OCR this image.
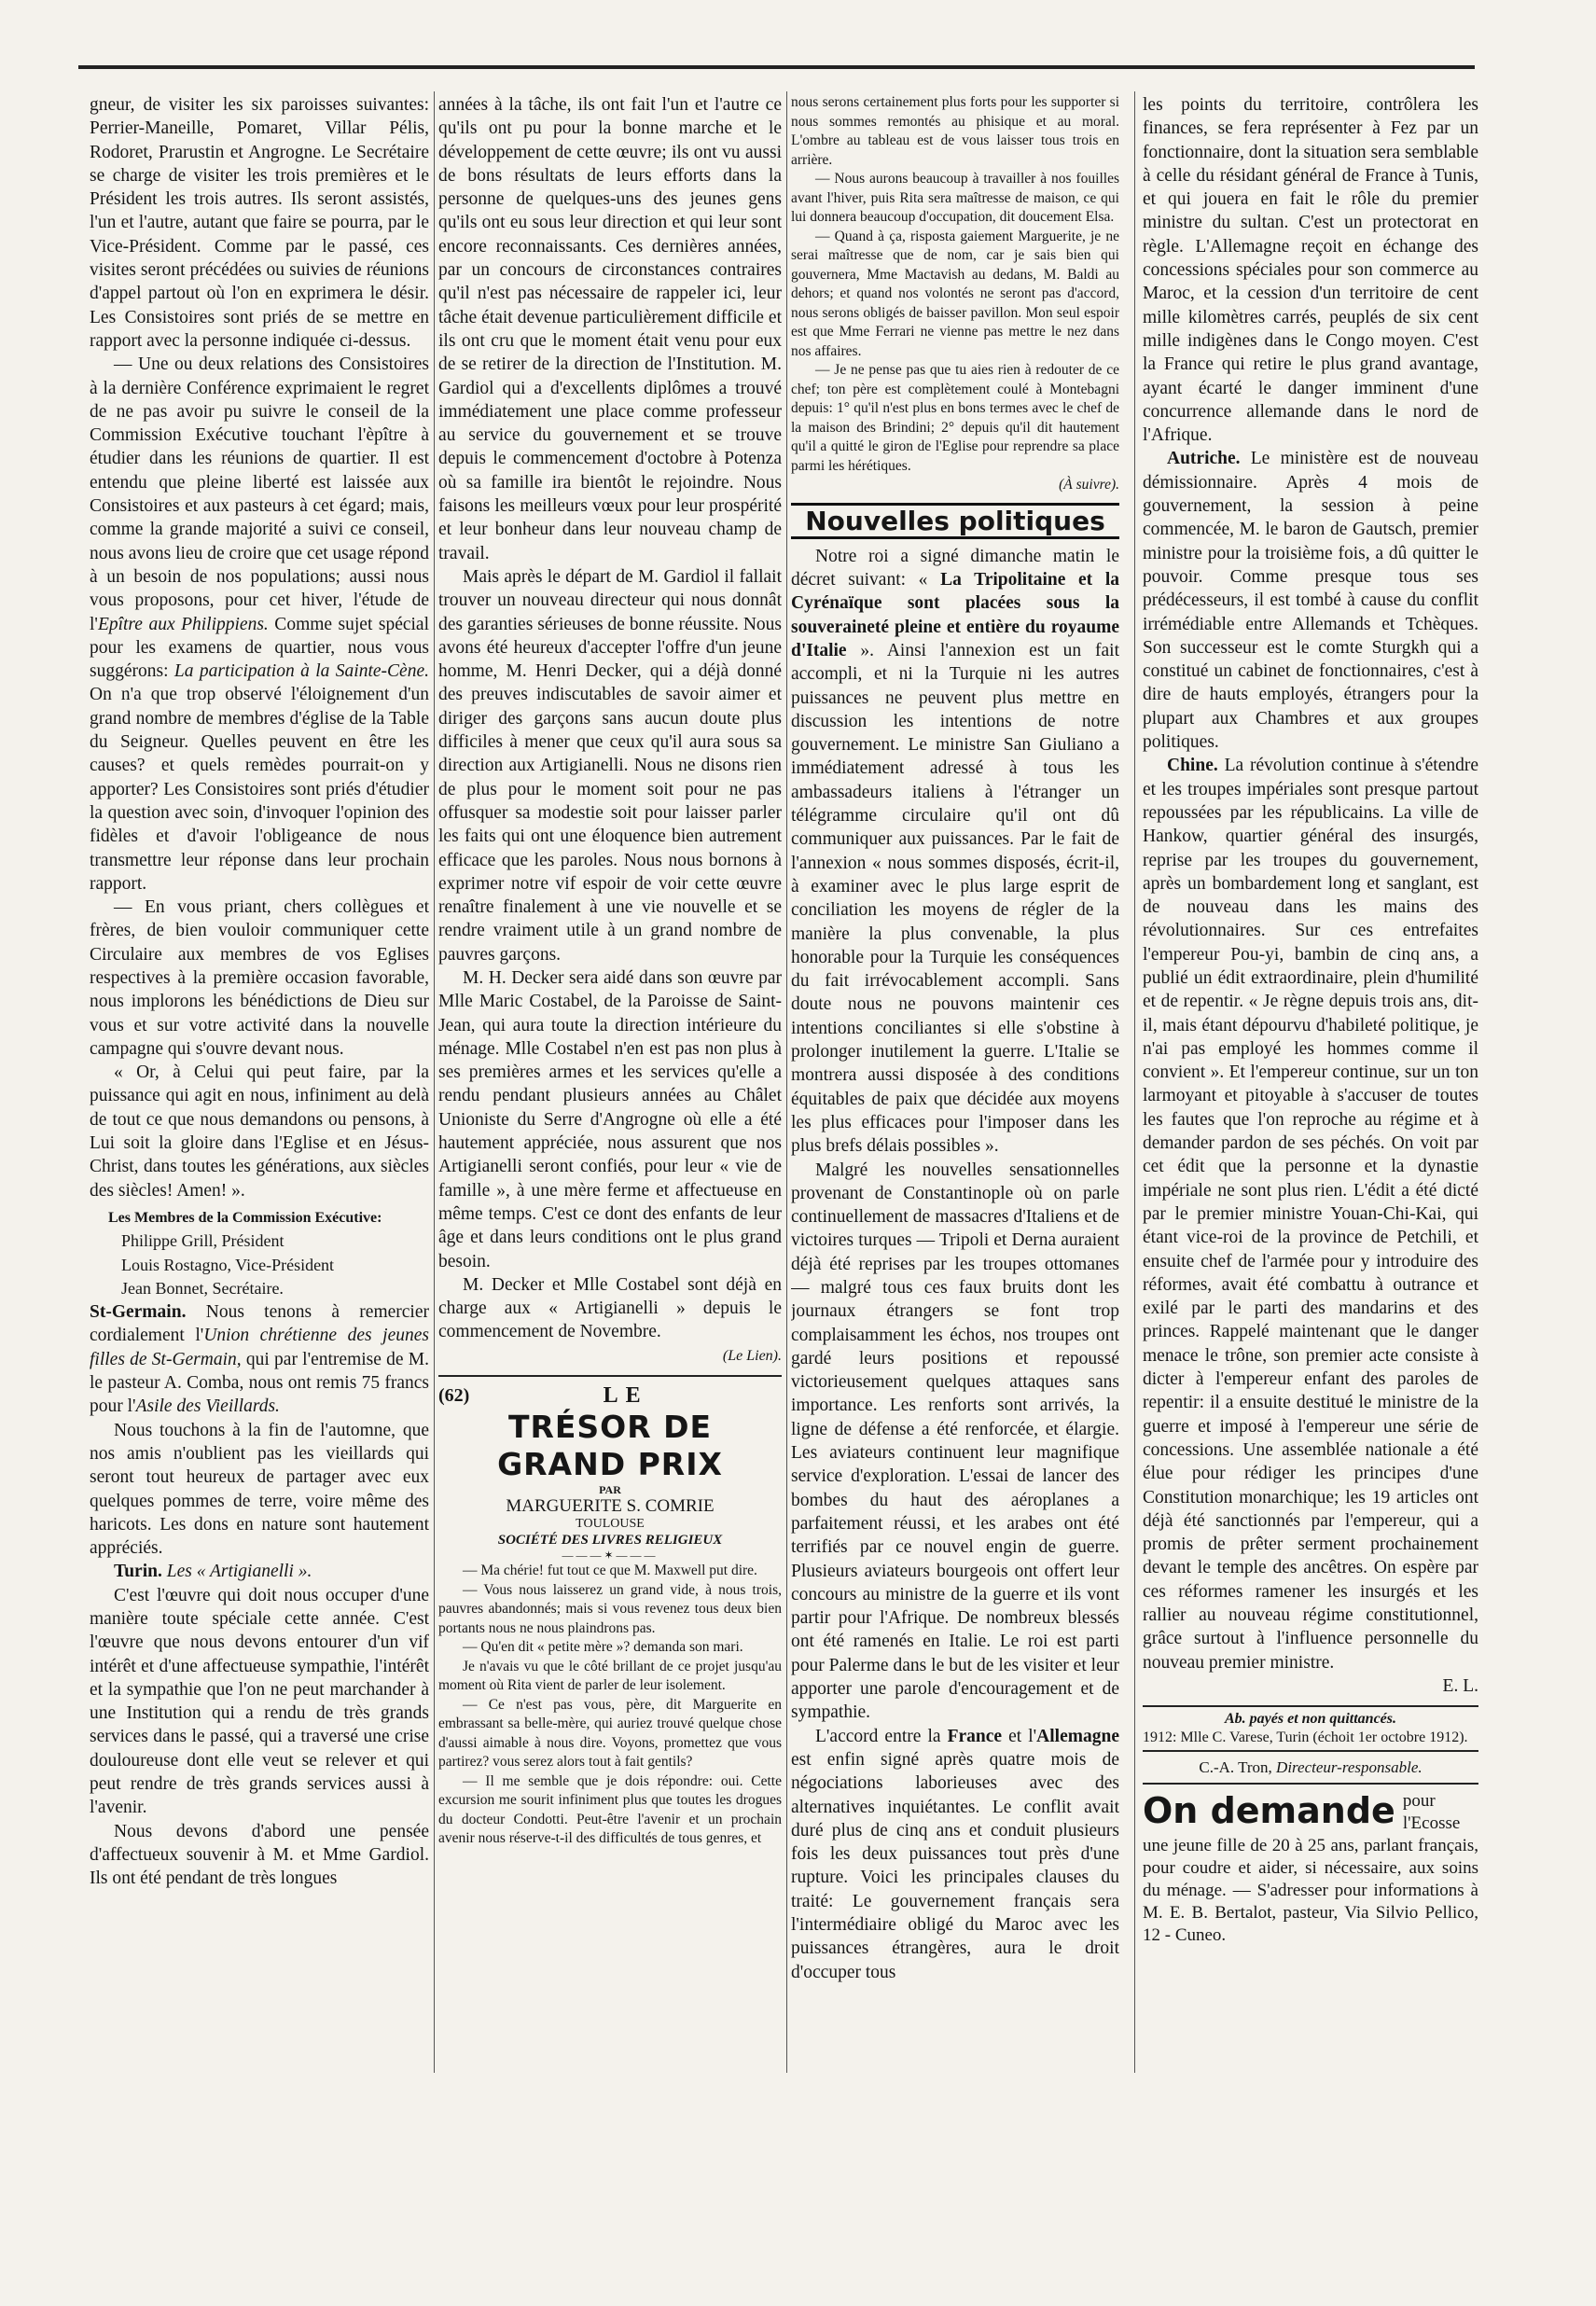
gneur, de visiter les six paroisses suivantes: Perrier-Maneille, Pomaret, Villar Pélis, Rodoret, Prarustin et Angrogne. Le Secrétaire se charge de visiter les trois premières et le Président les trois autres. Ils seront assistés, l'un et l'autre, autant que faire se pourra, par le Vice-Président. Comme par le passé, ces visites seront précédées ou suivies de réunions d'appel partout où l'on en exprimera le désir. Les Consistoires sont priés de se mettre en rapport avec la personne indiquée ci-dessus.

— Une ou deux relations des Consistoires à la dernière Conférence exprimaient le regret de ne pas avoir pu suivre le conseil de la Commission Exécutive touchant l'èpître à étudier dans les réunions de quartier. Il est entendu que pleine liberté est laissée aux Consistoires et aux pasteurs à cet égard; mais, comme la grande majorité a suivi ce conseil, nous avons lieu de croire que cet usage répond à un besoin de nos populations; aussi nous vous proposons, pour cet hiver, l'étude de l'Epître aux Philippiens. Comme sujet spécial pour les examens de quartier, nous vous suggérons: La participation à la Sainte-Cène. On n'a que trop observé l'éloignement d'un grand nombre de membres d'église de la Table du Seigneur. Quelles peuvent en être les causes? et quels remèdes pourrait-on y apporter? Les Consistoires sont priés d'étudier la question avec soin, d'invoquer l'opinion des fidèles et d'avoir l'obligeance de nous transmettre leur réponse dans leur prochain rapport.

— En vous priant, chers collègues et frères, de bien vouloir communiquer cette Circulaire aux membres de vos Eglises respectives à la première occasion favorable, nous implorons les bénédictions de Dieu sur vous et sur votre activité dans la nouvelle campagne qui s'ouvre devant nous.

« Or, à Celui qui peut faire, par la puissance qui agit en nous, infiniment au delà de tout ce que nous demandons ou pensons, à Lui soit la gloire dans l'Eglise et en Jésus-Christ, dans toutes les générations, aux siècles des siècles! Amen! ».

Les Membres de la Commission Exécutive:
Philippe Grill, Président
Louis Rostagno, Vice-Président
Jean Bonnet, Secrétaire.

St-Germain. Nous tenons à remercier cordialement l'Union chrétienne des jeunes filles de St-Germain, qui par l'entremise de M. le pasteur A. Comba, nous ont remis 75 francs pour l'Asile des Vieillards.

Nous touchons à la fin de l'automne, que nos amis n'oublient pas les vieillards qui seront tout heureux de partager avec eux quelques pommes de terre, voire même des haricots. Les dons en nature sont hautement appréciés.

Turin. Les « Artigianelli ».

C'est l'œuvre qui doit nous occuper d'une manière toute spéciale cette année. C'est l'œuvre que nous devons entourer d'un vif intérêt et d'une affectueuse sympathie, l'intérêt et la sympathie que l'on ne peut marchander à une Institution qui a rendu de très grands services dans le passé, qui a traversé une crise douloureuse dont elle veut se relever et qui peut rendre de très grands services aussi à l'avenir.

Nous devons d'abord une pensée d'affectueux souvenir à M. et Mme Gardiol. Ils ont été pendant de très longues

années à la tâche, ils ont fait l'un et l'autre ce qu'ils ont pu pour la bonne marche et le développement de cette œuvre; ils ont vu aussi de bons résultats de leurs efforts dans la personne de quelques-uns des jeunes gens qu'ils ont eu sous leur direction et qui leur sont encore reconnaissants. Ces dernières années, par un concours de circonstances contraires qu'il n'est pas nécessaire de rappeler ici, leur tâche était devenue particulièrement difficile et ils ont cru que le moment était venu pour eux de se retirer de la direction de l'Institution. M. Gardiol qui a d'excellents diplômes a trouvé immédiatement une place comme professeur au service du gouvernement et se trouve depuis le commencement d'octobre à Potenza où sa famille ira bientôt le rejoindre. Nous faisons les meilleurs vœux pour leur prospérité et leur bonheur dans leur nouveau champ de travail.

Mais après le départ de M. Gardiol il fallait trouver un nouveau directeur qui nous donnât des garanties sérieuses de bonne réussite. Nous avons été heureux d'accepter l'offre d'un jeune homme, M. Henri Decker, qui a déjà donné des preuves indiscutables de savoir aimer et diriger des garçons sans aucun doute plus difficiles à mener que ceux qu'il aura sous sa direction aux Artigianelli. Nous ne disons rien de plus pour le moment soit pour ne pas offusquer sa modestie soit pour laisser parler les faits qui ont une éloquence bien autrement efficace que les paroles. Nous nous bornons à exprimer notre vif espoir de voir cette œuvre renaître finalement à une vie nouvelle et se rendre vraiment utile à un grand nombre de pauvres garçons.

M. H. Decker sera aidé dans son œuvre par Mlle Maric Costabel, de la Paroisse de Saint-Jean, qui aura toute la direction intérieure du ménage. Mlle Costabel n'en est pas non plus à ses premières armes et les services qu'elle a rendu pendant plusieurs années au Châlet Unioniste du Serre d'Angrogne où elle a été hautement appréciée, nous assurent que nos Artigianelli seront confiés, pour leur « vie de famille », à une mère ferme et affectueuse en même temps. C'est ce dont des enfants de leur âge et dans leurs conditions ont le plus grand besoin.

M. Decker et Mlle Costabel sont déjà en charge aux « Artigianelli » depuis le commencement de Novembre.

(Le Lien).

(62)	LE
TRÉSOR DE GRAND PRIX
PAR
MARGUERITE S. COMRIE
TOULOUSE
SOCIÉTÉ DES LIVRES RELIGIEUX
———✶———

— Ma chérie! fut tout ce que M. Maxwell put dire.

— Vous nous laisserez un grand vide, à nous trois, pauvres abandonnés; mais si vous revenez tous deux bien portants nous ne nous plaindrons pas.

— Qu'en dit « petite mère »? demanda son mari.

Je n'avais vu que le côté brillant de ce projet jusqu'au moment où Rita vient de parler de leur isolement.

— Ce n'est pas vous, père, dit Marguerite en embrassant sa belle-mère, qui auriez trouvé quelque chose d'aussi aimable à nous dire. Voyons, promettez que vous partirez? vous serez alors tout à fait gentils?

— Il me semble que je dois répondre: oui. Cette excursion me sourit infiniment plus que toutes les drogues du docteur Condotti. Peut-être l'avenir et un prochain avenir nous réserve-t-il des difficultés de tous genres, et

nous serons certainement plus forts pour les supporter si nous sommes remontés au phisique et au moral. L'ombre au tableau est de vous laisser tous trois en arrière.

— Nous aurons beaucoup à travailler à nos fouilles avant l'hiver, puis Rita sera maîtresse de maison, ce qui lui donnera beaucoup d'occupation, dit doucement Elsa.

— Quand à ça, risposta gaiement Marguerite, je ne serai maîtresse que de nom, car je sais bien qui gouvernera, Mme Mactavish au dedans, M. Baldi au dehors; et quand nos volontés ne seront pas d'accord, nous serons obligés de baisser pavillon. Mon seul espoir est que Mme Ferrari ne vienne pas mettre le nez dans nos affaires.

— Je ne pense pas que tu aies rien à redouter de ce chef; ton père est complètement coulé à Montebagni depuis: 1° qu'il n'est plus en bons termes avec le chef de la maison des Brindini; 2° depuis qu'il dit hautement qu'il a quitté le giron de l'Eglise pour reprendre sa place parmi les hérétiques.

(À suivre).

Nouvelles politiques

Notre roi a signé dimanche matin le décret suivant: « La Tripolitaine et la Cyrénaïque sont placées sous la souveraineté pleine et entière du royaume d'Italie ». Ainsi l'annexion est un fait accompli, et ni la Turquie ni les autres puissances ne peuvent plus mettre en discussion les intentions de notre gouvernement. Le ministre San Giuliano a immédiatement adressé à tous les ambassadeurs italiens à l'étranger un télégramme circulaire qu'il ont dû communiquer aux puissances. Par le fait de l'annexion « nous sommes disposés, écrit-il, à examiner avec le plus large esprit de conciliation les moyens de régler de la manière la plus convenable, la plus honorable pour la Turquie les conséquences du fait irrévocablement accompli. Sans doute nous ne pouvons maintenir ces intentions conciliantes si elle s'obstine à prolonger inutilement la guerre. L'Italie se montrera aussi disposée à des conditions équitables de paix que décidée aux moyens les plus efficaces pour l'imposer dans les plus brefs délais possibles ».

Malgré les nouvelles sensationnelles provenant de Constantinople où on parle continuellement de massacres d'Italiens et de victoires turques — Tripoli et Derna auraient déjà été reprises par les troupes ottomanes — malgré tous ces faux bruits dont les journaux étrangers se font trop complaisamment les échos, nos troupes ont gardé leurs positions et repoussé victorieusement quelques attaques sans importance. Les renforts sont arrivés, la ligne de défense a été renforcée, et élargie. Les aviateurs continuent leur magnifique service d'exploration. L'essai de lancer des bombes du haut des aéroplanes a parfaitement réussi, et les arabes ont été terrifiés par ce nouvel engin de guerre. Plusieurs aviateurs bourgeois ont offert leur concours au ministre de la guerre et ils vont partir pour l'Afrique. De nombreux blessés ont été ramenés en Italie. Le roi est parti pour Palerme dans le but de les visiter et leur apporter une parole d'encouragement et de sympathie.

L'accord entre la France et l'Allemagne est enfin signé après quatre mois de négociations laborieuses avec des alternatives inquiétantes. Le conflit avait duré plus de cinq ans et conduit plusieurs fois les deux puissances tout près d'une rupture. Voici les principales clauses du traité: Le gouvernement français sera l'intermédiaire obligé du Maroc avec les puissances étrangères, aura le droit d'occuper tous

les points du territoire, contrôlera les finances, se fera représenter à Fez par un fonctionnaire, dont la situation sera semblable à celle du résidant général de France à Tunis, et qui jouera en fait le rôle du premier ministre du sultan. C'est un protectorat en règle. L'Allemagne reçoit en échange des concessions spéciales pour son commerce au Maroc, et la cession d'un territoire de cent mille kilomètres carrés, peuplés de six cent mille indigènes dans le Congo moyen. C'est la France qui retire le plus grand avantage, ayant écarté le danger imminent d'une concurrence allemande dans le nord de l'Afrique.

Autriche. Le ministère est de nouveau démissionnaire. Après 4 mois de gouvernement, la session à peine commencée, M. le baron de Gautsch, premier ministre pour la troisième fois, a dû quitter le pouvoir. Comme presque tous ses prédécesseurs, il est tombé à cause du conflit irrémédiable entre Allemands et Tchèques. Son successeur est le comte Sturgkh qui a constitué un cabinet de fonctionnaires, c'est à dire de hauts employés, étrangers pour la plupart aux Chambres et aux groupes politiques.

Chine. La révolution continue à s'étendre et les troupes impériales sont presque partout repoussées par les républicains. La ville de Hankow, quartier général des insurgés, reprise par les troupes du gouvernement, après un bombardement long et sanglant, est de nouveau dans les mains des révolutionnaires. Sur ces entrefaites l'empereur Pou-yi, bambin de cinq ans, a publié un édit extraordinaire, plein d'humilité et de repentir. « Je règne depuis trois ans, dit-il, mais étant dépourvu d'habileté politique, je n'ai pas employé les hommes comme il convient ». Et l'empereur continue, sur un ton larmoyant et pitoyable à s'accuser de toutes les fautes que l'on reproche au régime et à demander pardon de ses péchés. On voit par cet édit que la personne et la dynastie impériale ne sont plus rien. L'édit a été dicté par le premier ministre Youan-Chi-Kai, qui étant vice-roi de la province de Petchili, et ensuite chef de l'armée pour y introduire des réformes, avait été combattu à outrance et exilé par le parti des mandarins et des princes. Rappelé maintenant que le danger menace le trône, son premier acte consiste à dicter à l'empereur enfant des paroles de repentir: il a ensuite destitué le ministre de la guerre et imposé à l'empereur une série de concessions. Une assemblée nationale a été élue pour rédiger les principes d'une Constitution monarchique; les 19 articles ont déjà été sanctionnés par l'empereur, qui a promis de prêter serment prochainement devant le temple des ancêtres. On espère par ces réformes ramener les insurgés et les rallier au nouveau régime constitutionnel, grâce surtout à l'influence personnelle du nouveau premier ministre.

E. L.

Ab. payés et non quittancés.
1912: Mlle C. Varese, Turin (échoit 1er octobre 1912).
C.-A. Tron, Directeur-responsable.
On demande pour l'Ecosse une jeune fille de 20 à 25 ans, parlant français, pour coudre et aider, si nécessaire, aux soins du ménage. — S'adresser pour informations à M. E. B. Bertalot, pasteur, Via Silvio Pellico, 12 - Cuneo.
